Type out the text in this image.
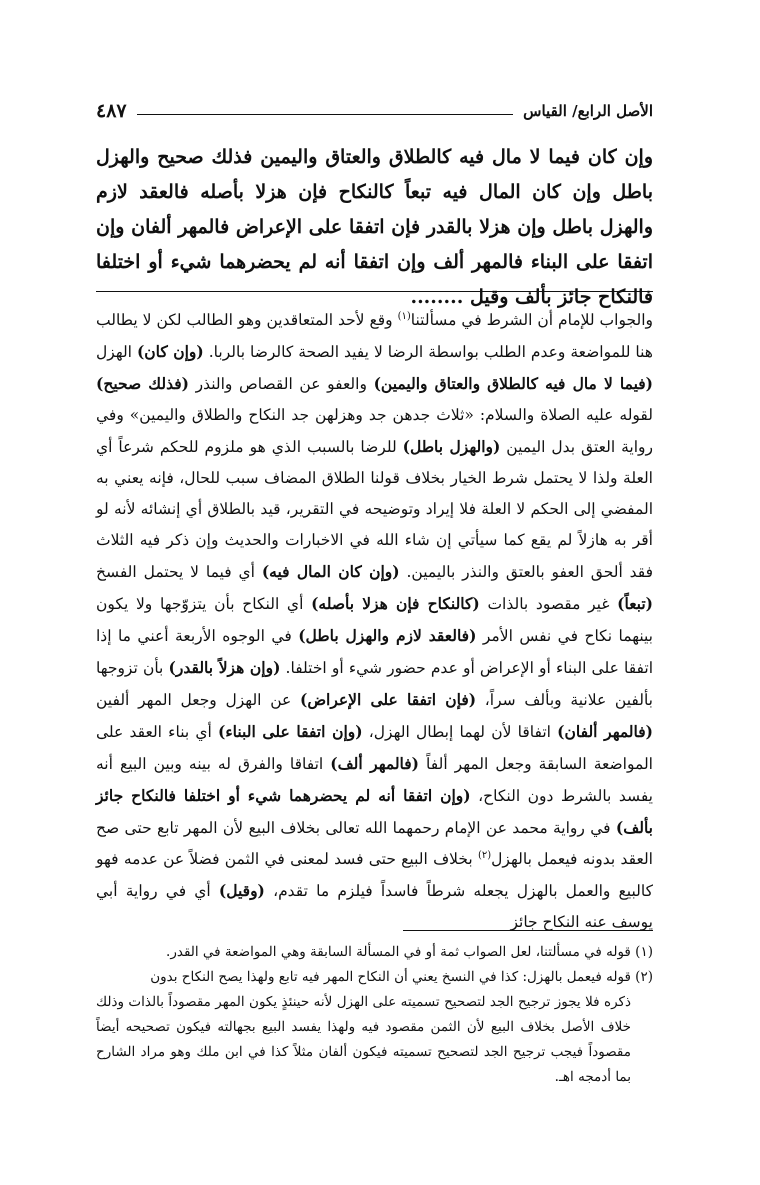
الأصل الرابع/ القياس
٤٨٧

وإن كان فيما لا مال فيه كالطلاق والعتاق واليمين فذلك صحيح والهزل باطل وإن كان المال فيه تبعاً كالنكاح فإن هزلا بأصله فالعقد لازم والهزل باطل وإن هزلا بالقدر فإن اتفقا على الإعراض فالمهر ألفان وإن اتفقا على البناء فالمهر ألف وإن اتفقا أنه لم يحضرهما شيء أو اختلفا فالنكاح جائز بألف وقيل ........

والجواب للإمام أن الشرط في مسألتنا$^{(١)}$ وقع لأحد المتعاقدين وهو الطالب لكن لا يطالب هنا للمواضعة وعدم الطلب بواسطة الرضا لا يفيد الصحة كالرضا بالربا. (وإن كان) الهزل (فيما لا مال فيه كالطلاق والعتاق واليمين) والعفو عن القصاص والنذر (فذلك صحيح) لقوله عليه الصلاة والسلام: «ثلاث جدهن جد وهزلهن جد النكاح والطلاق واليمين» وفي رواية العتق بدل اليمين (والهزل باطل) للرضا بالسبب الذي هو ملزوم للحكم شرعاً أي العلة ولذا لا يحتمل شرط الخيار بخلاف قولنا الطلاق المضاف سبب للحال، فإنه يعني به المفضي إلى الحكم لا العلة فلا إيراد وتوضيحه في التقرير، قيد بالطلاق أي إنشائه لأنه لو أقر به هازلاً لم يقع كما سيأتي إن شاء الله في الاخبارات والحديث وإن ذكر فيه الثلاث فقد ألحق العفو بالعتق والنذر باليمين. (وإن كان المال فيه) أي فيما لا يحتمل الفسخ (تبعاً) غير مقصود بالذات (كالنكاح فإن هزلا بأصله) أي النكاح بأن يتزوّجها ولا يكون بينهما نكاح في نفس الأمر (فالعقد لازم والهزل باطل) في الوجوه الأربعة أعني ما إذا اتفقا على البناء أو الإعراض أو عدم حضور شيء أو اختلفا. (وإن هزلاً بالقدر) بأن تزوجها بألفين علانية وبألف سراً، (فإن اتفقا على الإعراض) عن الهزل وجعل المهر ألفين (فالمهر ألفان) اتفاقا لأن لهما إبطال الهزل، (وإن اتفقا على البناء) أي بناء العقد على المواضعة السابقة وجعل المهر ألفاً (فالمهر ألف) اتفاقا والفرق له بينه وبين البيع أنه يفسد بالشرط دون النكاح، (وإن اتفقا أنه لم يحضرهما شيء أو اختلفا فالنكاح جائز بألف) في رواية محمد عن الإمام رحمهما الله تعالى بخلاف البيع لأن المهر تابع حتى صح العقد بدونه فيعمل بالهزل$^{(٢)}$ بخلاف البيع حتى فسد لمعنى في الثمن فضلاً عن عدمه فهو كالبيع والعمل بالهزل يجعله شرطاً فاسداً فيلزم ما تقدم، (وقيل) أي في رواية أبي يوسف عنه النكاح جائز

(١) قوله في مسألتنا، لعل الصواب ثمة أو في المسألة السابقة وهي المواضعة في القدر.

(٢) قوله فيعمل بالهزل: كذا في النسخ يعني أن النكاح المهر فيه تابع ولهذا يصح النكاح بدون

ذكره فلا يجوز ترجيح الجد لتصحيح تسميته على الهزل لأنه حينئذٍ يكون المهر مقصوداً بالذات وذلك خلاف الأصل بخلاف البيع لأن الثمن مقصود فيه ولهذا يفسد البيع بجهالته فيكون تصحيحه أيضاً مقصوداً فيجب ترجيح الجد لتصحيح تسميته فيكون ألفان مثلاً كذا في ابن ملك وهو مراد الشارح بما أدمجه اهـ.
